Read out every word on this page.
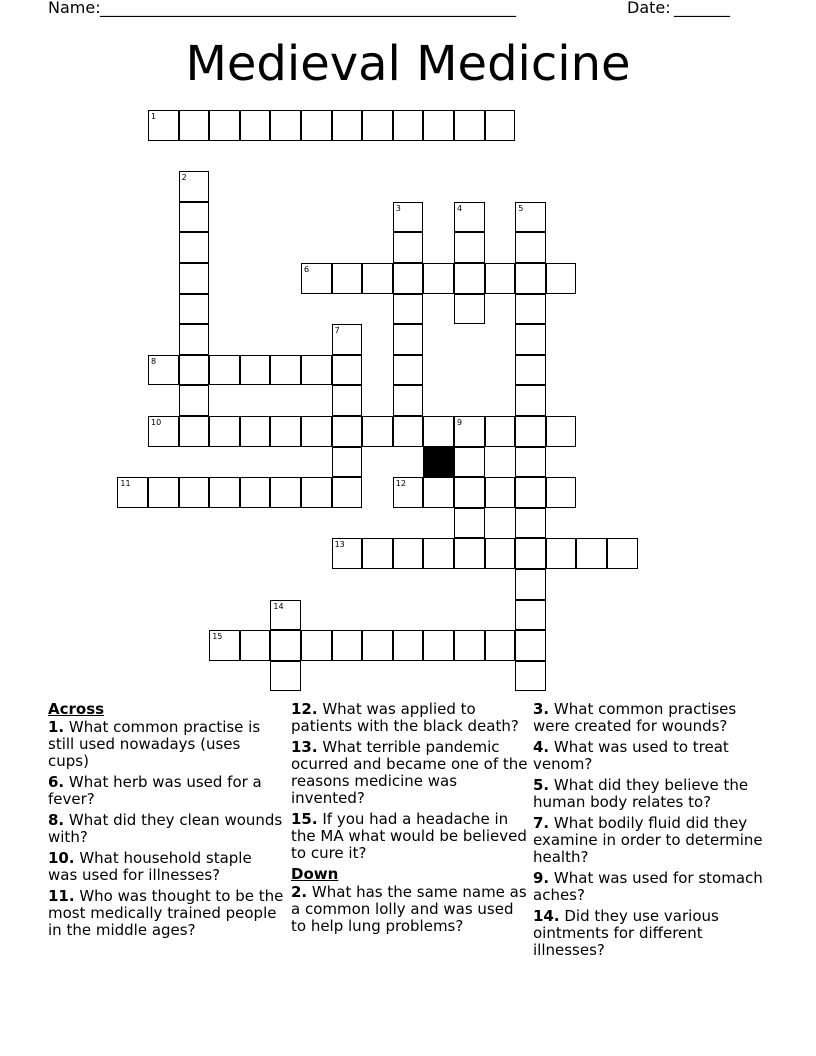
Name: ____________________________________________________	Date: _______
Medieval Medicine
1
2
3	4	5
6
7
8
9
10
11	12
13
14
15
Across
1. What common practise is still used nowadays (uses cups)
6. What herb was used for a fever?
8. What did they clean wounds with?
10. What household staple was used for illnesses?
11. Who was thought to be the most medically trained people in the middle ages?
12. What was applied to patients with the black death?
13. What terrible pandemic ocurred and became one of the reasons medicine was invented?
15. If you had a headache in the MA what would be believed to cure it?
Down
2. What has the same name as a common lolly and was used to help lung problems?
3. What common practises were created for wounds?
4. What was used to treat venom?
5. What did they believe the human body relates to?
7. What bodily fluid did they examine in order to determine health?
9. What was used for stomach aches?
14. Did they use various ointments for different illnesses?
